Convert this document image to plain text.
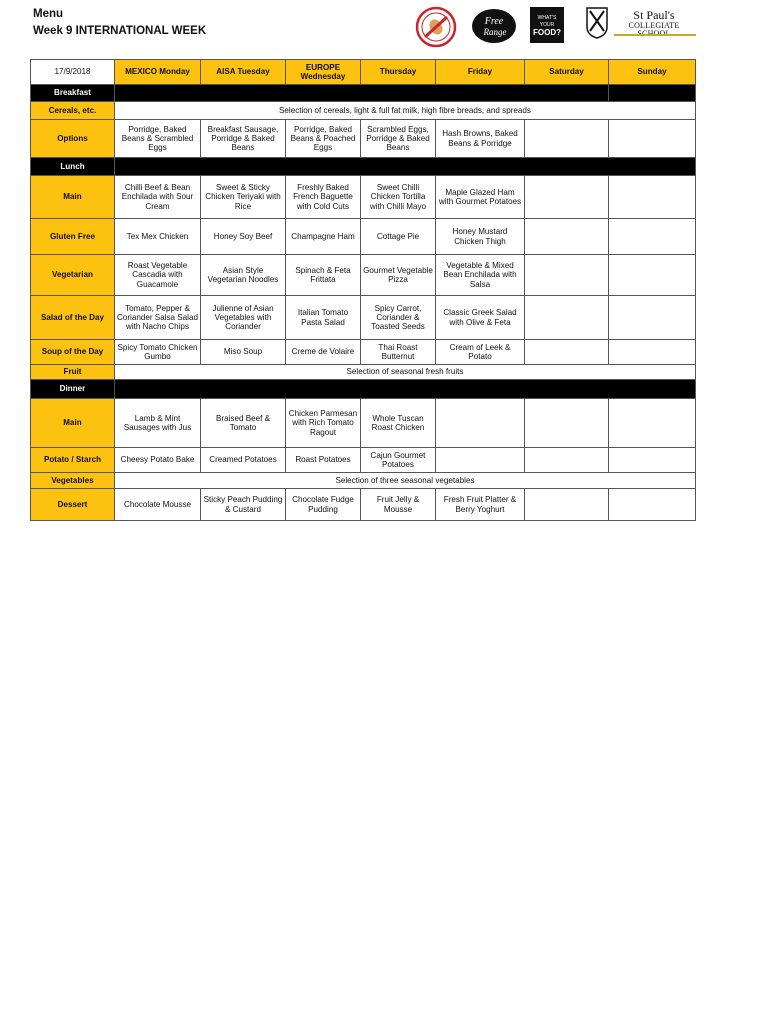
Menu
Week 9 INTERNATIONAL WEEK
Free
Range
WHAT'S
YOUR
FOOD?
St Paul's
COLLEGIATE
17/9/2018	MEXICO Monday	AISA Tuesday	EUROPE Wednesday	Thursday	Friday	Saturday	Sunday
Breakfast							
Cereals, etc.	Selection of cereals, light & full fat milk, high fibre breads, and spreads						
Options	Porridge, Baked Beans & Scrambled Eggs	Breakfast Sausage, Porridge & Baked Beans	Porridge, Baked Beans & Poached Eggs	Scrambled Eggs, Porridge & Baked Beans	Hash Browns, Baked Beans & Porridge		
Lunch							
Main	Chilli Beef & Bean Enchilada with Sour Cream	Sweet & Sticky Chicken Teriyaki with Rice	Freshly Baked French Baguette with Cold Cuts	Sweet Chilli Chicken Tortilla with Chilli Mayo	Maple Glazed Ham with Gourmet Potatoes		
Gluten Free	Tex Mex Chicken	Honey Soy Beef	Champagne Ham	Cottage Pie	Honey Mustard Chicken Thigh		
Vegetarian	Roast Vegetable Cascadia with Guacamole	Asian Style Vegetarian Noodles	Spinach & Feta Frittata	Gourmet Vegetable Pizza	Vegetable & Mixed Bean Enchilada with Salsa		
Salad of the Day	Tomato, Pepper & Coriander Salsa Salad with Nacho Chips	Julienne of Asian Vegetables with Coriander	Italian Tomato Pasta Salad	Spicy Carrot, Coriander & Toasted Seeds	Classic Greek Salad with Olive & Feta		
Soup of the Day	Spicy Tomato Chicken Gumbo	Miso Soup	Creme de Volaire	Thai Roast Butternut	Cream of Leek & Potato		
Fruit	Selection of seasonal fresh fruits						
Dinner							
Main	Lamb & Mint Sausages with Jus	Braised Beef & Tomato	Chicken Parmesan with Rich Tomato Ragout	Whole Tuscan Roast Chicken			
Potato / Starch	Cheesy Potato Bake	Creamed Potatoes	Roast Potatoes	Cajun Gourmet Potatoes			
Vegetables	Selection of three seasonal vegetables						
Dessert	Chocolate Mousse	Sticky Peach Pudding & Custard	Chocolate Fudge Pudding	Fruit Jelly & Mousse	Fresh Fruit Platter & Berry Yoghurt		
